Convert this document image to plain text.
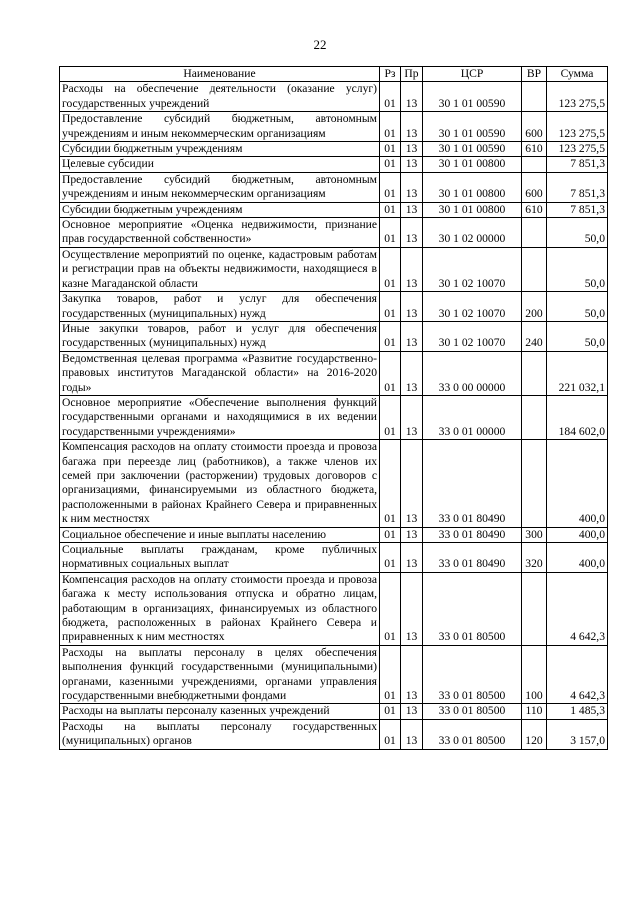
22
Наименование	Рз	Пр	ЦСР	ВР	Сумма
Расходы на обеспечение деятельности (оказание услуг) государственных учреждений	01	13	30 1 01 00590		123 275,5
Предоставление субсидий бюджетным, автономным учреждениям и иным некоммерческим организациям	01	13	30 1 01 00590	600	123 275,5
Субсидии бюджетным учреждениям	01	13	30 1 01 00590	610	123 275,5
Целевые субсидии	01	13	30 1 01 00800		7 851,3
Предоставление субсидий бюджетным, автономным учреждениям и иным некоммерческим организациям	01	13	30 1 01 00800	600	7 851,3
Субсидии бюджетным учреждениям	01	13	30 1 01 00800	610	7 851,3
Основное мероприятие «Оценка недвижимости, признание прав государственной собственности»	01	13	30 1 02 00000		50,0
Осуществление мероприятий по оценке, кадастровым работам и регистрации прав на объекты недвижимости, находящиеся в казне Магаданской области	01	13	30 1 02 10070		50,0
Закупка товаров, работ и услуг для обеспечения государственных (муниципальных) нужд	01	13	30 1 02 10070	200	50,0
Иные закупки товаров, работ и услуг для обеспечения государственных (муниципальных) нужд	01	13	30 1 02 10070	240	50,0
Ведомственная целевая программа «Развитие государственно-правовых институтов Магаданской области» на 2016-2020 годы»	01	13	33 0 00 00000		221 032,1
Основное мероприятие «Обеспечение выполнения функций государственными органами и находящимися в их ведении государственными учреждениями»	01	13	33 0 01 00000		184 602,0
Компенсация расходов на оплату стоимости проезда и провоза багажа при переезде лиц (работников), а также членов их семей при заключении (расторжении) трудовых договоров с организациями, финансируемыми из областного бюджета, расположенными в районах Крайнего Севера и приравненных к ним местностях	01	13	33 0 01 80490		400,0
Социальное обеспечение и иные выплаты населению	01	13	33 0 01 80490	300	400,0
Социальные выплаты гражданам, кроме публичных нормативных социальных выплат	01	13	33 0 01 80490	320	400,0
Компенсация расходов на оплату стоимости проезда и провоза багажа к месту использования отпуска и обратно лицам, работающим в организациях, финансируемых из областного бюджета, расположенных в районах Крайнего Севера и приравненных к ним местностях	01	13	33 0 01 80500		4 642,3
Расходы на выплаты персоналу в целях обеспечения выполнения функций государственными (муниципальными) органами, казенными учреждениями, органами управления государственными внебюджетными фондами	01	13	33 0 01 80500	100	4 642,3
Расходы на выплаты персоналу казенных учреждений	01	13	33 0 01 80500	110	1 485,3
Расходы на выплаты персоналу государственных (муниципальных) органов	01	13	33 0 01 80500	120	3 157,0
